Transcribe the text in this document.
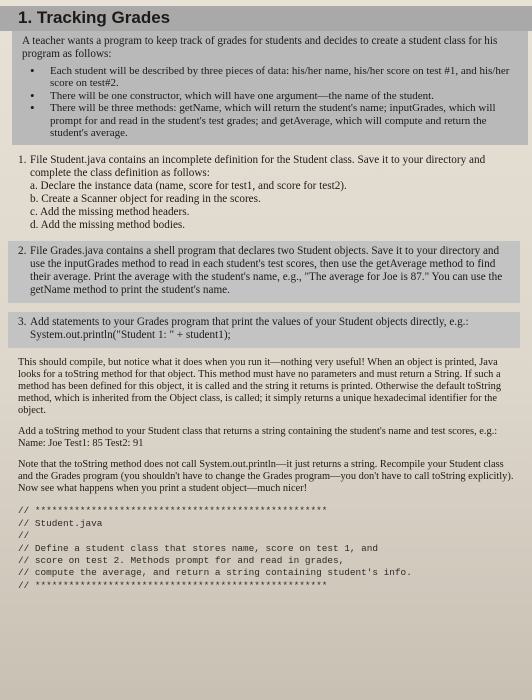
1. Tracking Grades

A teacher wants a program to keep track of grades for students and decides to create a student class for his program as follows:

• Each student will be described by three pieces of data: his/her name, his/her score on test #1, and his/her score on test#2.
• There will be one constructor, which will have one argument—the name of the student.
• There will be three methods: getName, which will return the student's name; inputGrades, which will prompt for and read in the student's test grades; and getAverage, which will compute and return the student's average.
1. File Student.java contains an incomplete definition for the Student class. Save it to your directory and complete the class definition as follows:

a. Declare the instance data (name, score for test1, and score for test2).
b. Create a Scanner object for reading in the scores.
c. Add the missing method headers.
d. Add the missing method bodies.
2. File Grades.java contains a shell program that declares two Student objects. Save it to your directory and use the inputGrades method to read in each student's test scores, then use the getAverage method to find their average. Print the average with the student's name, e.g., "The average for Joe is 87." You can use the getName method to print the student's name.

3. Add statements to your Grades program that print the values of your Student objects directly, e.g.: System.out.println("Student 1: " + student1);

This should compile, but notice what it does when you run it—nothing very useful! When an object is printed, Java looks for a toString method for that object. This method must have no parameters and must return a String. If such a method has been defined for this object, it is called and the string it returns is printed. Otherwise the default toString method, which is inherited from the Object class, is called; it simply returns a unique hexadecimal identifier for the object.

Add a toString method to your Student class that returns a string containing the student's name and test scores, e.g.: Name: Joe Test1: 85 Test2: 91

Note that the toString method does not call System.out.println—it just returns a string. Recompile your Student class and the Grades program (you shouldn't have to change the Grades program—you don't have to call toString explicitly). Now see what happens when you print a student object—much nicer!

// ****************************************************
// Student.java
//
// Define a student class that stores name, score on test 1, and
// score on test 2. Methods prompt for and read in grades,
// compute the average, and return a string containing student's info.
// ****************************************************
